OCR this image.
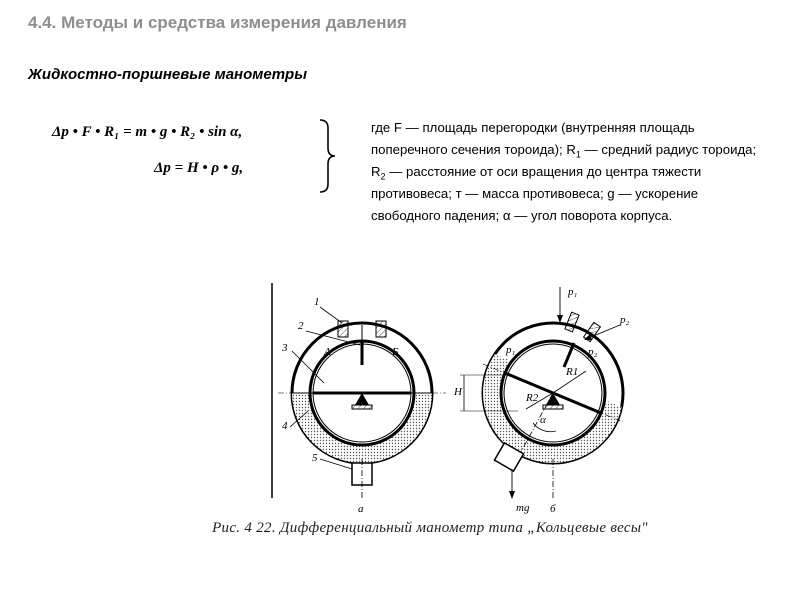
4.4. Методы и средства измерения давления
Жидкостно-поршневые манометры
Δp • F • R₁ = m • g • R₂ • sin α,
Δp = H • ρ • g,
где F — площадь перегородки (внутренняя площадь поперечного сечения тороида); $R_1$ — средний радиус тороида; $R_2$ — расстояние от оси вращения до центра тяжести противовеса; т — масса противовеса; g — ускорение свободного падения; α — угол поворота корпуса.
1
2
3
4
5
А	Б
а
p₁
p₂
p₁	p₂
R1
R2
H
α
mg б
Рис. 4 22. Дифференциальный манометр типа „Кольцевые весы"
